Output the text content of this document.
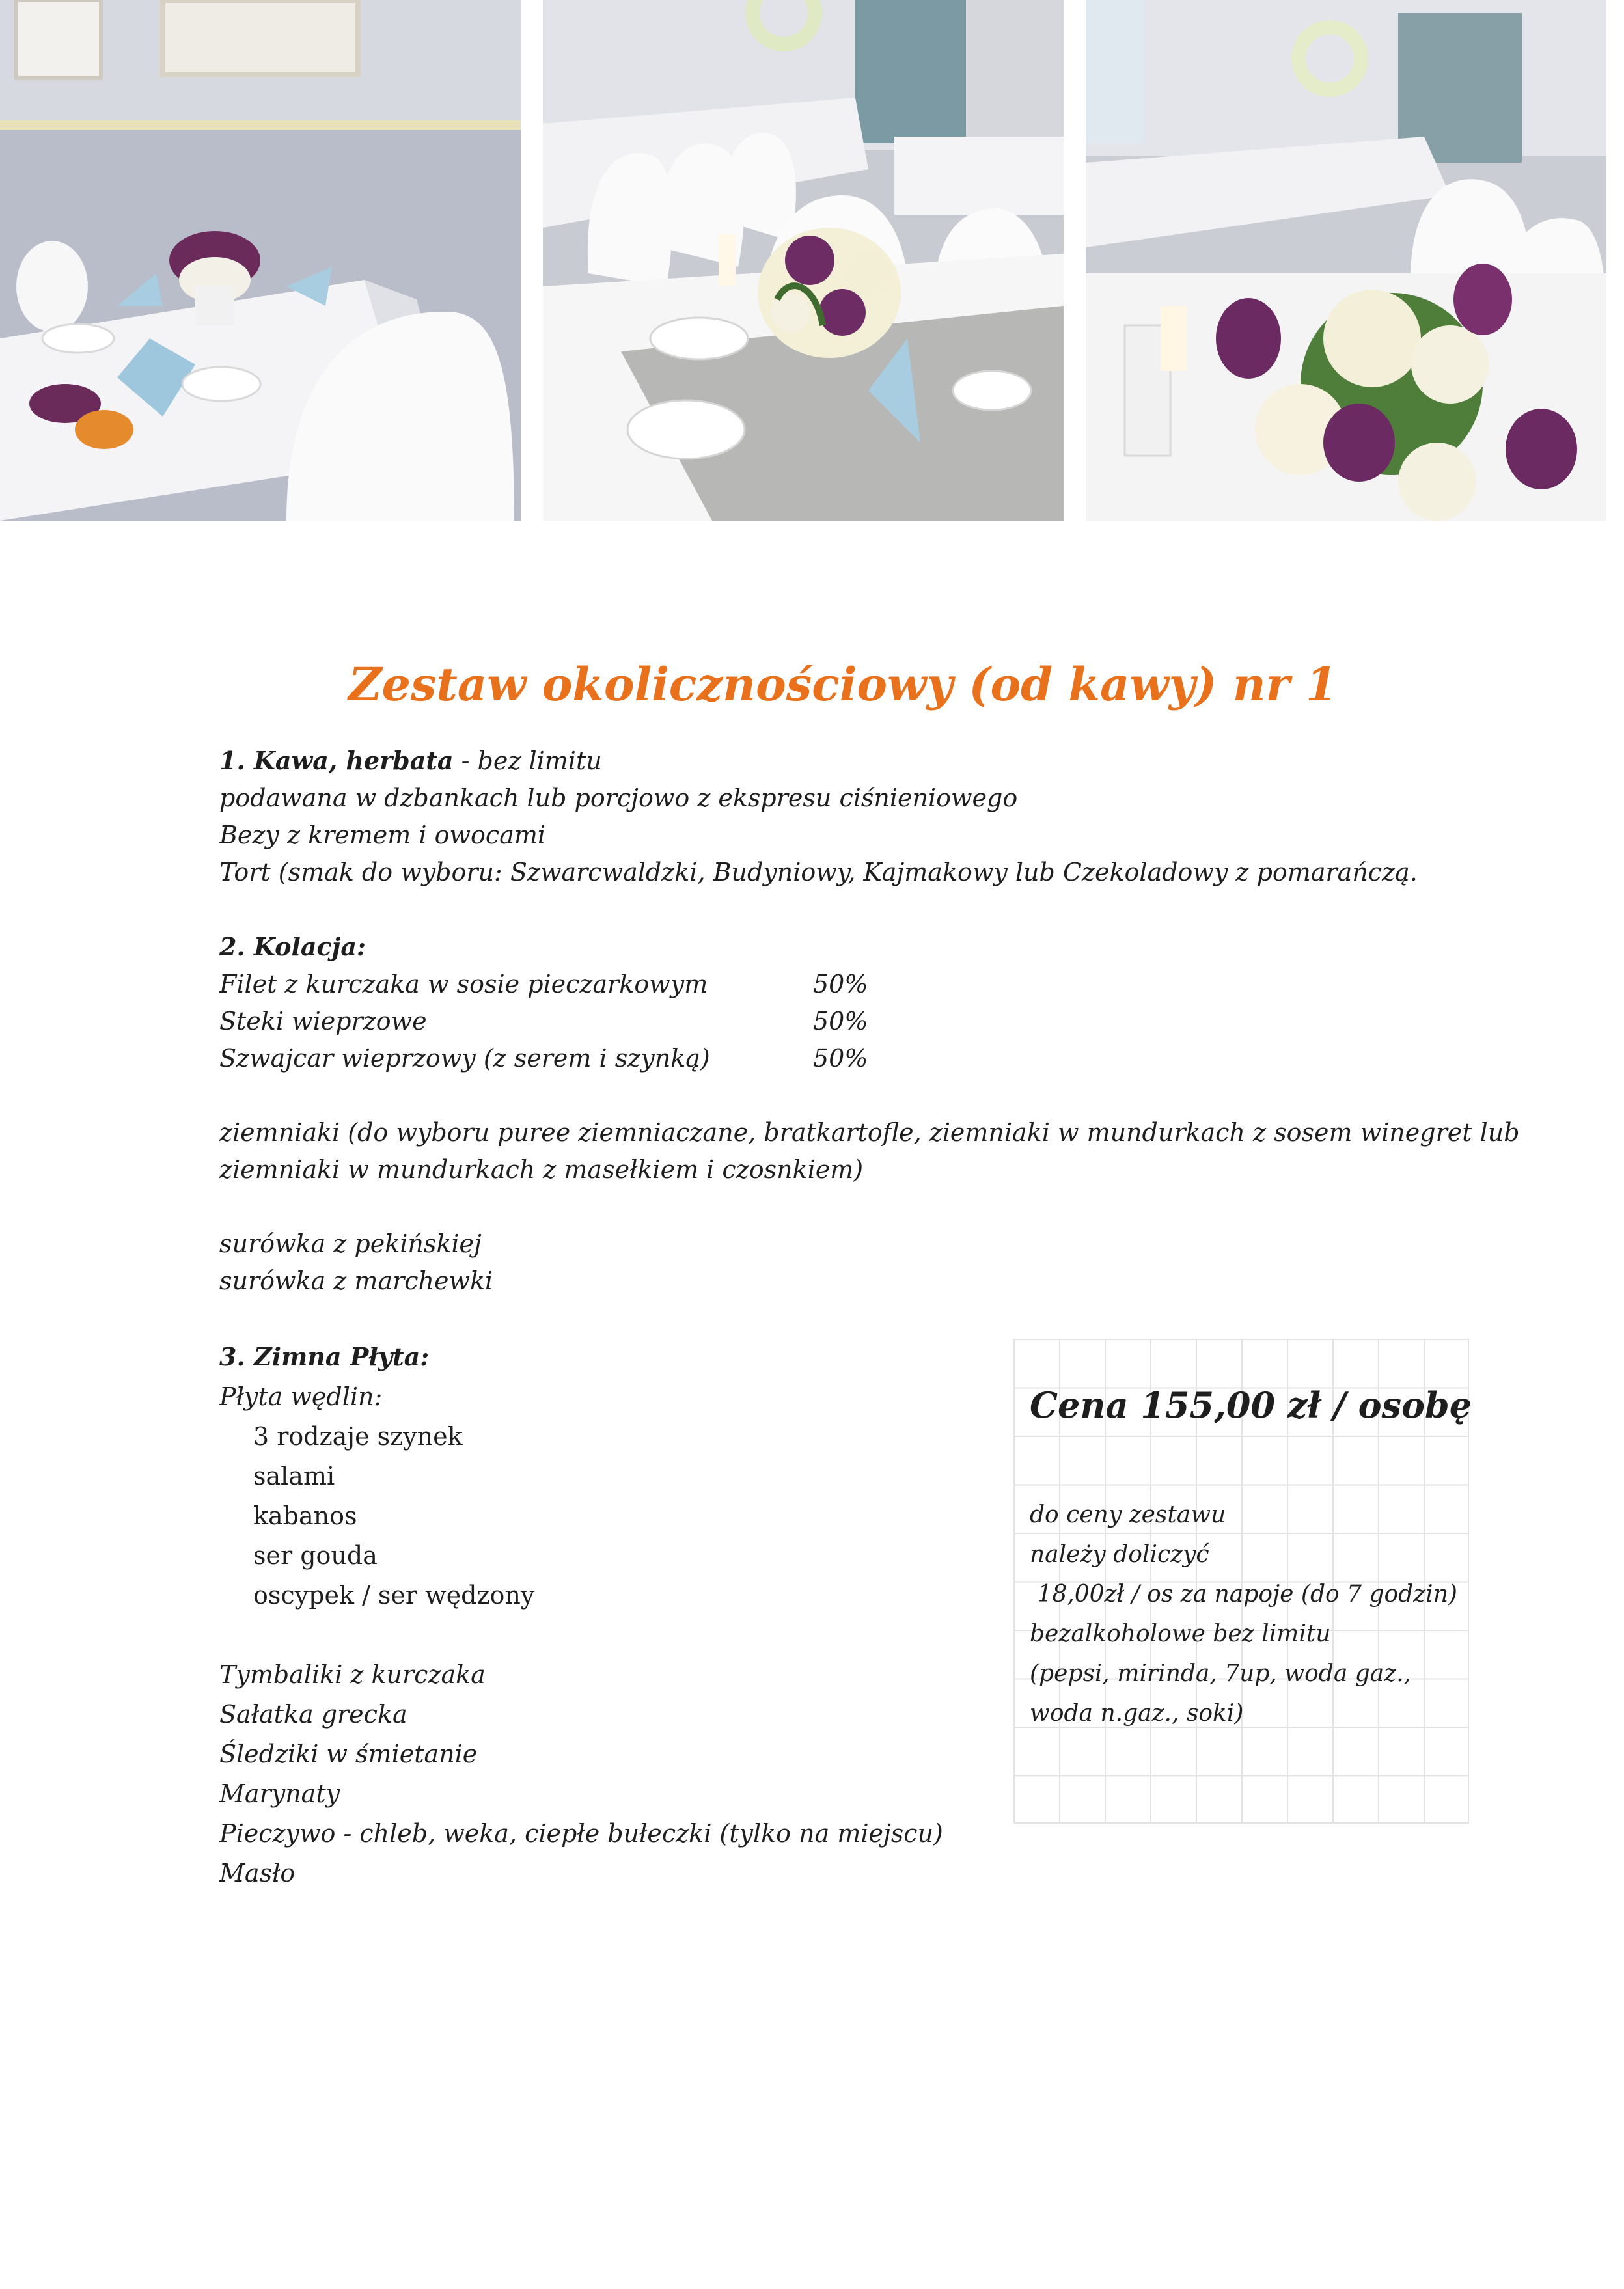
Zestaw okolicznościowy (od kawy) nr 1
1. Kawa, herbata - bez limitu
podawana w dzbankach lub porcjowo z ekspresu ciśnieniowego
Bezy z kremem i owocami
Tort (smak do wyboru: Szwarcwaldzki, Budyniowy, Kajmakowy lub Czekoladowy z pomarańczą.
2. Kolacja:
Filet z kurczaka w sosie pieczarkowym	50%
Steki wieprzowe	50%
Szwajcar wieprzowy (z serem i szynką)	50%
ziemniaki (do wyboru puree ziemniaczane, bratkartofle, ziemniaki w mundurkach z sosem winegret lub
ziemniaki w mundurkach z masełkiem i czosnkiem)
surówka z pekińskiej
surówka z marchewki
3. Zimna Płyta:
Płyta wędlin:
3 rodzaje szynek
salami
kabanos
ser gouda
oscypek / ser wędzony
Tymbaliki z kurczaka
Sałatka grecka
Śledziki w śmietanie
Marynaty
Pieczywo - chleb, weka, ciepłe bułeczki (tylko na miejscu)
Masło
Cena 155,00 zł / osobę
do ceny zestawu
należy doliczyć
18,00zł / os za napoje (do 7 godzin)
bezalkoholowe bez limitu
(pepsi, mirinda, 7up, woda gaz.,
woda n.gaz., soki)
